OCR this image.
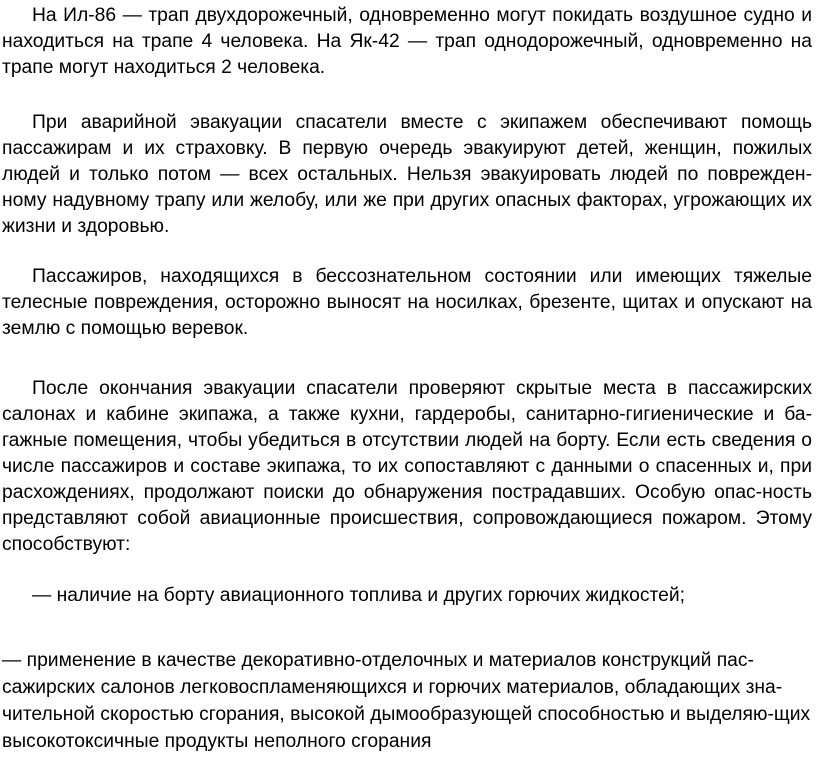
На Ил-86 — трап двухдорожечный, одновременно могут покидать воздушное судно и находиться на трапе 4 человека. На Як-42 — трап однодорожечный, одновременно на трапе могут находиться 2 человека.

При аварийной эвакуации спасатели вместе с экипажем обеспечивают помощь пассажирам и их страховку. В первую очередь эвакуируют детей, женщин, пожилых людей и только потом — всех остальных. Нельзя эвакуировать людей по поврежден-ному надувному трапу или желобу, или же при других опасных факторах, угрожающих их жизни и здоровью.

Пассажиров, находящихся в бессознательном состоянии или имеющих тяжелые телесные повреждения, осторожно выносят на носилках, брезенте, щитах и опускают на землю с помощью веревок.

После окончания эвакуации спасатели проверяют скрытые места в пассажирских салонах и кабине экипажа, а также кухни, гардеробы, санитарно-гигиенические и ба-гажные помещения, чтобы убедиться в отсутствии людей на борту. Если есть сведения о числе пассажиров и составе экипажа, то их сопоставляют с данными о спасенных и, при расхождениях, продолжают поиски до обнаружения пострадавших. Особую опас-ность представляют собой авиационные происшествия, сопровождающиеся пожаром. Этому способствуют:

— наличие на борту авиационного топлива и других горючих жидкостей;

— применение в качестве декоративно-отделочных и материалов конструкций пас-сажирских салонов легковоспламеняющихся и горючих материалов, обладающих зна-чительной скоростью сгорания, высокой дымообразующей способностью и выделяю-щих высокотоксичные продукты неполного сгорания
